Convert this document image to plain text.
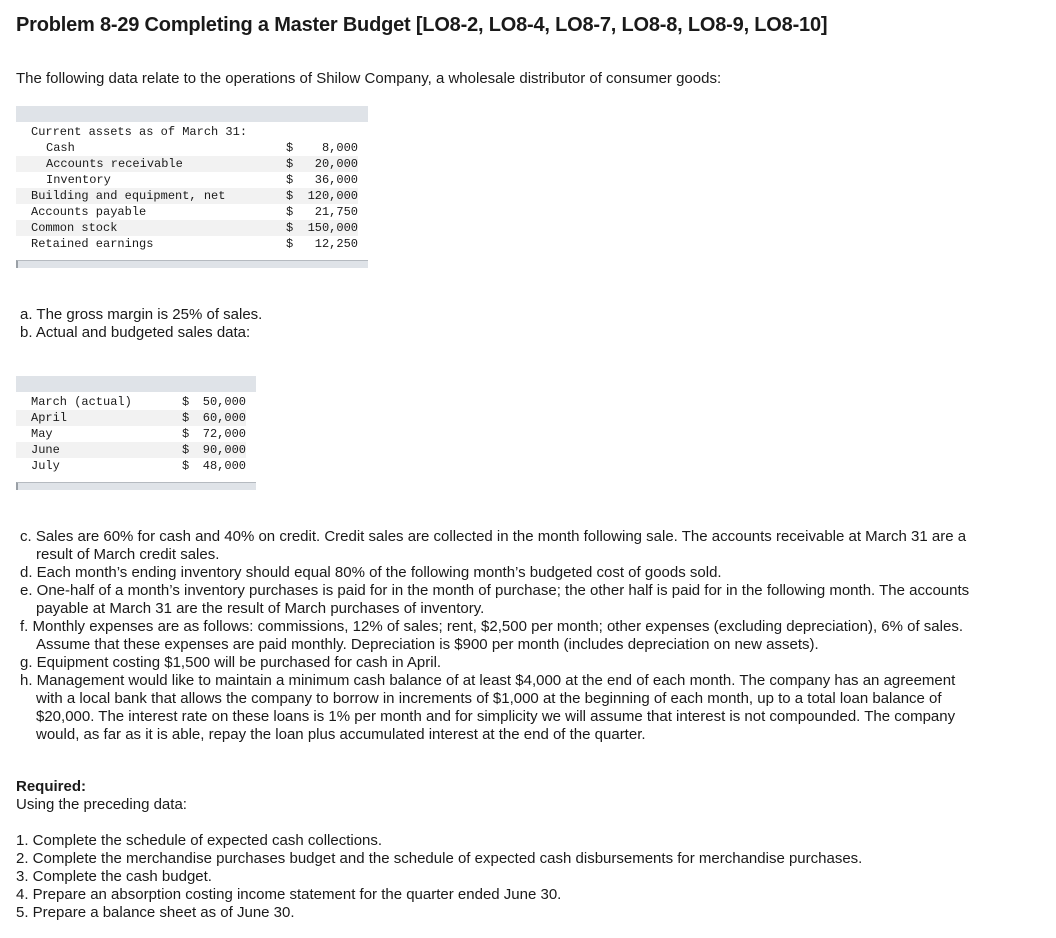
Problem 8-29 Completing a Master Budget [LO8-2, LO8-4, LO8-7, LO8-8, LO8-9, LO8-10]

The following data relate to the operations of Shilow Company, a wholesale distributor of consumer goods:

Current assets as of March 31:		
Cash	$	8,000
Accounts receivable	$	20,000
Inventory	$	36,000
Building and equipment, net	$	120,000
Accounts payable	$	21,750
Common stock	$	150,000
Retained earnings	$	12,250

a. The gross margin is 25% of sales.

b. Actual and budgeted sales data:

March (actual)	$	50,000
April	$	60,000
May	$	72,000
June	$	90,000
July	$	48,000

c. Sales are 60% for cash and 40% on credit. Credit sales are collected in the month following sale. The accounts receivable at March 31 are a result of March credit sales.

d. Each month’s ending inventory should equal 80% of the following month’s budgeted cost of goods sold.

e. One-half of a month’s inventory purchases is paid for in the month of purchase; the other half is paid for in the following month. The accounts payable at March 31 are the result of March purchases of inventory.

f. Monthly expenses are as follows: commissions, 12% of sales; rent, $2,500 per month; other expenses (excluding depreciation), 6% of sales. Assume that these expenses are paid monthly. Depreciation is $900 per month (includes depreciation on new assets).

g. Equipment costing $1,500 will be purchased for cash in April.

h. Management would like to maintain a minimum cash balance of at least $4,000 at the end of each month. The company has an agreement with a local bank that allows the company to borrow in increments of $1,000 at the beginning of each month, up to a total loan balance of $20,000. The interest rate on these loans is 1% per month and for simplicity we will assume that interest is not compounded. The company would, as far as it is able, repay the loan plus accumulated interest at the end of the quarter.

Required:

Using the preceding data:

1. Complete the schedule of expected cash collections.

2. Complete the merchandise purchases budget and the schedule of expected cash disbursements for merchandise purchases.

3. Complete the cash budget.

4. Prepare an absorption costing income statement for the quarter ended June 30.

5. Prepare a balance sheet as of June 30.
